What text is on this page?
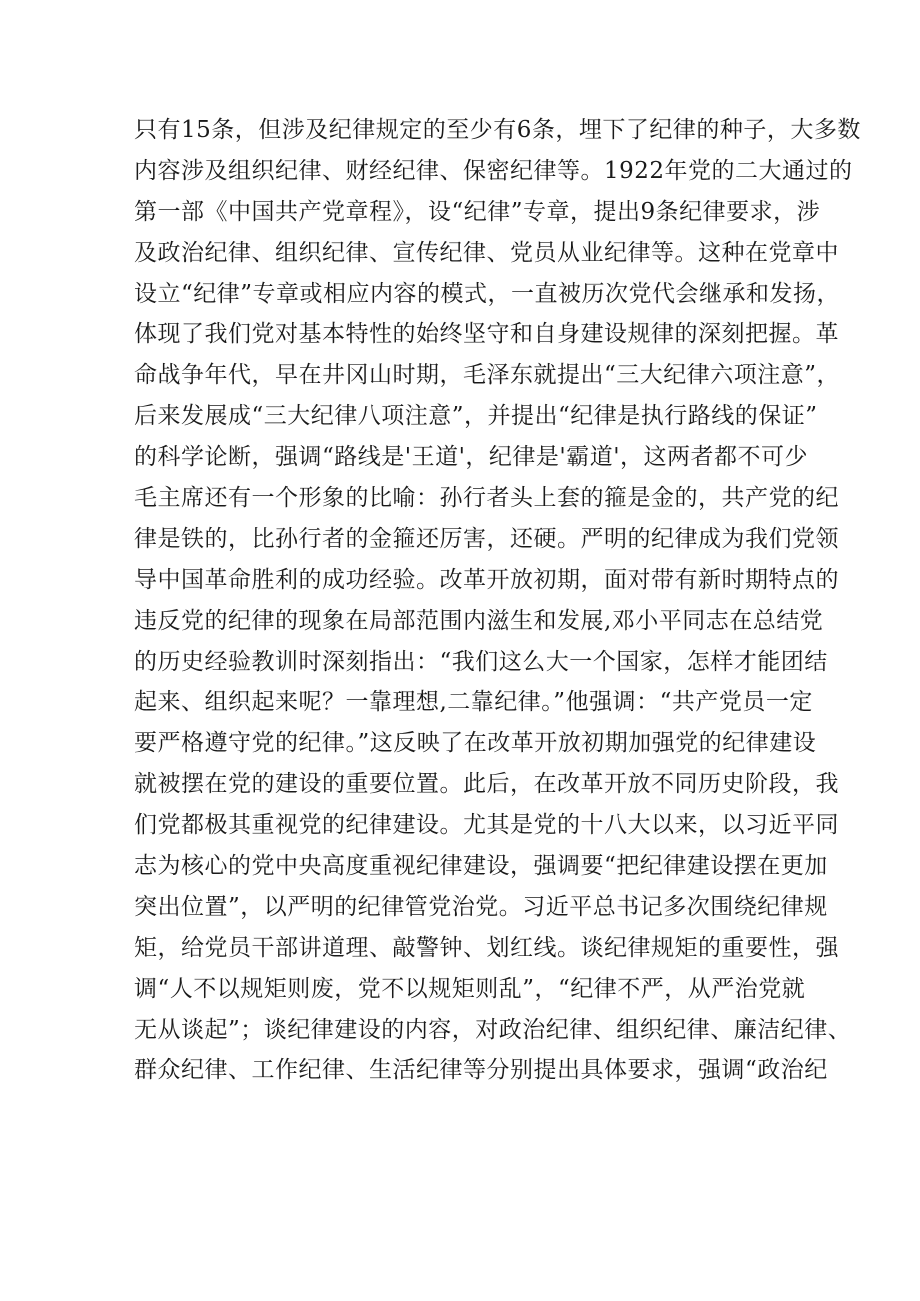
只有15条，但涉及纪律规定的至少有6条，埋下了纪律的种子，大多数
内容涉及组织纪律、财经纪律、保密纪律等。1922年党的二大通过的
第一部《中国共产党章程》，设“纪律”专章，提出9条纪律要求，涉
及政治纪律、组织纪律、宣传纪律、党员从业纪律等。这种在党章中
设立“纪律”专章或相应内容的模式，一直被历次党代会继承和发扬，
体现了我们党对基本特性的始终坚守和自身建设规律的深刻把握。革
命战争年代，早在井冈山时期，毛泽东就提出“三大纪律六项注意”，
后来发展成“三大纪律八项注意”，并提出“纪律是执行路线的保证”
的科学论断，强调“路线是'王道'，纪律是'霸道'，这两者都不可少
毛主席还有一个形象的比喻：孙行者头上套的箍是金的，共产党的纪
律是铁的，比孙行者的金箍还厉害，还硬。严明的纪律成为我们党领
导中国革命胜利的成功经验。改革开放初期，面对带有新时期特点的
违反党的纪律的现象在局部范围内滋生和发展,邓小平同志在总结党
的历史经验教训时深刻指出：“我们这么大一个国家，怎样才能团结
起来、组织起来呢？一靠理想,二靠纪律。”他强调：“共产党员一定
要严格遵守党的纪律。”这反映了在改革开放初期加强党的纪律建设
就被摆在党的建设的重要位置。此后，在改革开放不同历史阶段，我
们党都极其重视党的纪律建设。尤其是党的十八大以来，以习近平同
志为核心的党中央高度重视纪律建设，强调要“把纪律建设摆在更加
突出位置”，以严明的纪律管党治党。习近平总书记多次围绕纪律规
矩，给党员干部讲道理、敲警钟、划红线。谈纪律规矩的重要性，强
调“人不以规矩则废，党不以规矩则乱”，“纪律不严，从严治党就
无从谈起”；谈纪律建设的内容，对政治纪律、组织纪律、廉洁纪律、
群众纪律、工作纪律、生活纪律等分别提出具体要求，强调“政治纪
